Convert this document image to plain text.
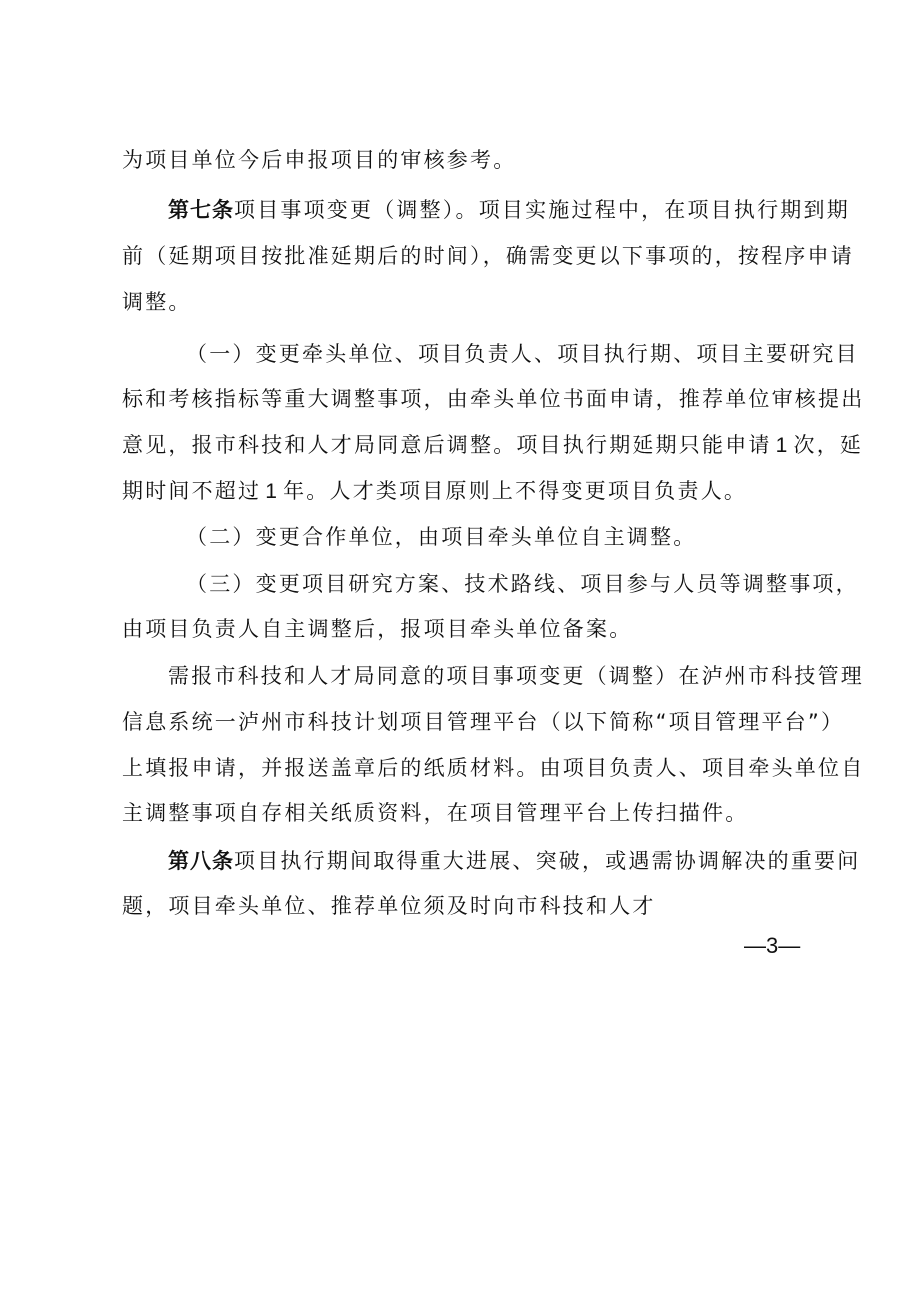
为项目单位今后申报项目的审核参考。
第七条项目事项变更（调整）。项目实施过程中，在项目执行期到期
前（延期项目按批准延期后的时间），确需变更以下事项的，按程序申请
调整。
（一）变更牵头单位、项目负责人、项目执行期、项目主要研究目
标和考核指标等重大调整事项，由牵头单位书面申请，推荐单位审核提出
意见，报市科技和人才局同意后调整。项目执行期延期只能申请 1 次，延
期时间不超过 1 年。人才类项目原则上不得变更项目负责人。
（二）变更合作单位，由项目牵头单位自主调整。
（三）变更项目研究方案、技术路线、项目参与人员等调整事项，
由项目负责人自主调整后，报项目牵头单位备案。
需报市科技和人才局同意的项目事项变更（调整）在泸州市科技管理
信息系统一泸州市科技计划项目管理平台（以下简称“项目管理平台”）
上填报申请，并报送盖章后的纸质材料。由项目负责人、项目牵头单位自
主调整事项自存相关纸质资料，在项目管理平台上传扫描件。
第八条项目执行期间取得重大进展、突破，或遇需协调解决的重要问
题，项目牵头单位、推荐单位须及时向市科技和人才
—3—
